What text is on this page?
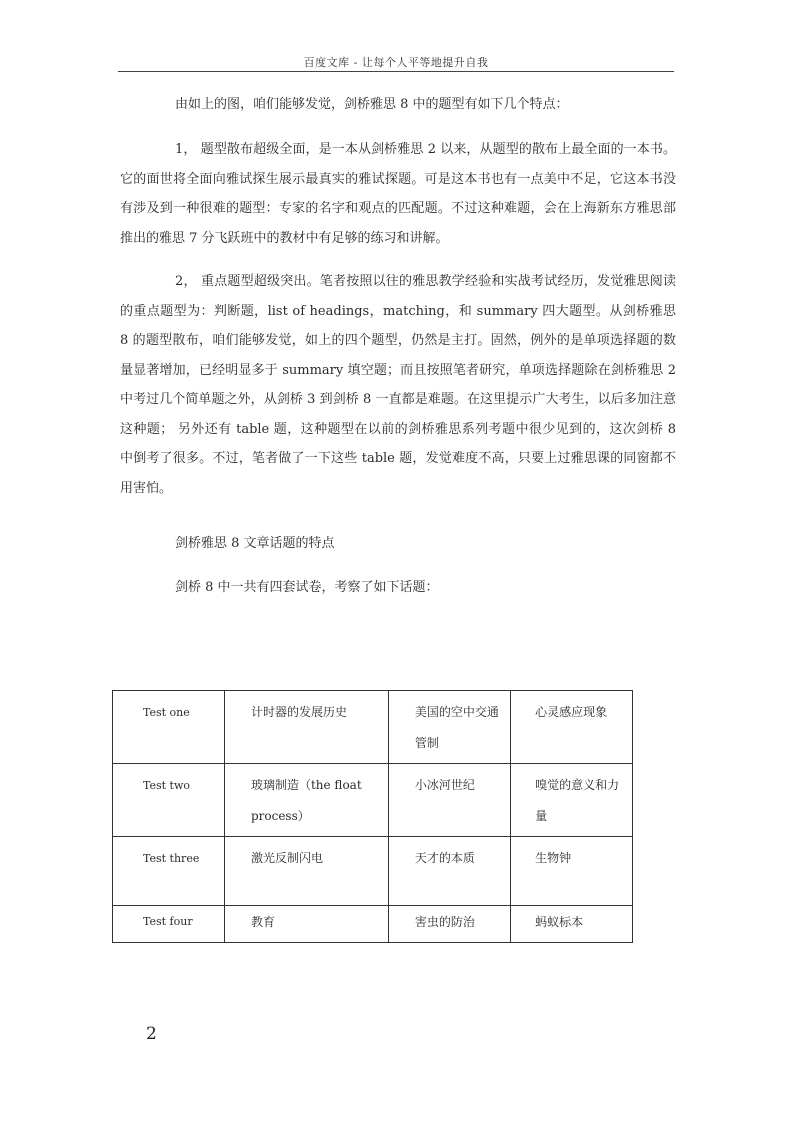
百度文库 - 让每个人平等地提升自我

由如上的图，咱们能够发觉，剑桥雅思 8 中的题型有如下几个特点：

1， 题型散布超级全面，是一本从剑桥雅思 2 以来，从题型的散布上最全面的一本书。它的面世将全面向雅试探生展示最真实的雅试探题。可是这本书也有一点美中不足，它这本书没有涉及到一种很难的题型：专家的名字和观点的匹配题。不过这种难题，会在上海新东方雅思部推出的雅思 7 分飞跃班中的教材中有足够的练习和讲解。

2， 重点题型超级突出。笔者按照以往的雅思教学经验和实战考试经历，发觉雅思阅读的重点题型为：判断题，list of headings，matching，和 summary 四大题型。从剑桥雅思 8 的题型散布，咱们能够发觉，如上的四个题型，仍然是主打。固然，例外的是单项选择题的数量显著增加，已经明显多于 summary 填空题；而且按照笔者研究，单项选择题除在剑桥雅思 2 中考过几个简单题之外，从剑桥 3 到剑桥 8 一直都是难题。在这里提示广大考生，以后多加注意这种题； 另外还有 table 题，这种题型在以前的剑桥雅思系列考题中很少见到的，这次剑桥 8 中倒考了很多。不过，笔者做了一下这些 table 题，发觉难度不高，只要上过雅思课的同窗都不用害怕。

剑桥雅思 8 文章话题的特点

剑桥 8 中一共有四套试卷，考察了如下话题：

Test one	计时器的发展历史	美国的空中交通管制	心灵感应现象
Test two	玻璃制造（the float process）	小冰河世纪	嗅觉的意义和力量
Test three	激光反制闪电	天才的本质	生物钟
Test four	教育	害虫的防治	蚂蚁标本
2
